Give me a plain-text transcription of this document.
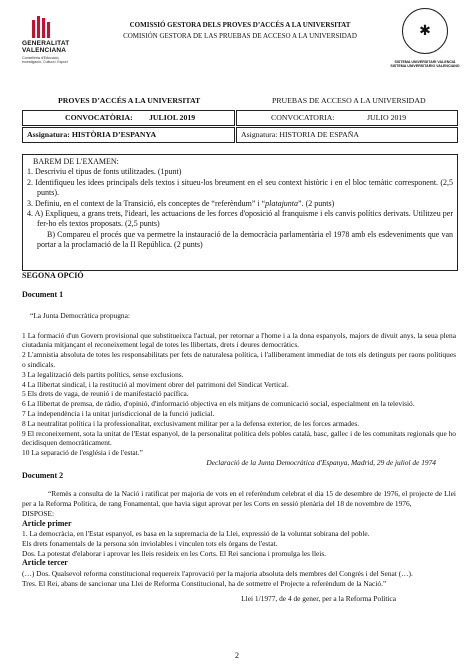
GENERALITAT
VALENCIANA
Conselleria d'Educació,
Investigació, Cultura i Esport
COMISSIÓ GESTORA DELS PROVES D’ACCÉS A LA UNIVERSITAT
COMISIÓN GESTORA DE LAS PRUEBAS DE ACCESO A LA UNIVERSIDAD	✱
SISTEMA UNIVERSITARI VALENCIÀ
SISTEMA UNIVERSITARIO VALENCIANO
PROVES D’ACCÉS A LA UNIVERSITAT	PRUEBAS DE ACCESO A LA UNIVERSIDAD
CONVOCATÒRIA: JULIOL 2019	CONVOCATORIA:	JULIO 2019
Assignatura: HISTÒRIA D’ESPANYA	Asignatura: HISTORIA DE ESPAÑA

BAREM DE L'EXAMEN:

1. Descriviu el tipus de fonts utilitzades. (1punt)

2. Identifiqueu les idees principals dels textos i situeu-los breument en el seu context històric i en el bloc temàtic corresponent. (2,5 punts).

3. Definiu, en el context de la Transició, els conceptes de “referèndum” i “platajunta”. (2 punts)

4. A) Expliqueu, a grans trets, l'ideari, les actuacions de les forces d'oposició al franquisme i els canvis polítics derivats. Utilitzeu per fer-ho els textos proposats. (2,5 punts)

B) Compareu el procés que va permetre la instauració de la democràcia parlamentària el 1978 amb els esdeveniments que van portar a la proclamació de la II República. (2 punts)

SEGONA OPCIÓ
Document 1
“La Junta Democràtica propugna:
1 La formació d'un Govern provisional que substitueixca l'actual, per retornar a l'home i a la dona espanyols, majors de divuit anys, la seua plena ciutadania mitjançant el reconeixement legal de totes les llibertats, drets i deures democràtics.
2 L'amnistia absoluta de totes les responsabilitats per fets de naturalesa política, i l'alliberament immediat de tots els detinguts per raons polítiques o sindicals.
3 La legalització dels partits polítics, sense exclusions.
4 La llibertat sindical, i la restitució al moviment obrer del patrimoni del Sindicat Vertical.
5 Els drets de vaga, de reunió i de manifestació pacífica.
6 La llibertat de premsa, de ràdio, d'opinió, d'informació objectiva en els mitjans de comunicació social, especialment en la televisió.
7 La independència i la unitat jurisdiccional de la funció judicial.
8 La neutralitat política i la professionalitat, exclusivament militar per a la defensa exterior, de les forces armades.
9 El reconeixement, sota la unitat de l'Estat espanyol, de la personalitat política dels pobles català, basc, gallec i de les comunitats regionals que ho decidisquen democràticament.
10 La separació de l'església i de l'estat.”
Declaració de la Junta Democràtica d'Espanya, Madrid, 29 de juliol de 1974
Document 2
“Remès a consulta de la Nació i ratificat per majoria de vots en el referèndum celebrat el dia 15 de desembre de 1976, el projecte de Llei per a la Reforma Política, de rang Fonamental, que havia sigut aprovat per les Corts en sessió plenària del 18 de novembre de 1976,
DISPOSE:
Article primer
1. La democràcia, en l'Estat espanyol, es basa en la supremacia de la Llei, expressió de la voluntat sobirana del poble.
Els drets fonamentals de la persona són inviolables i vinculen tots els òrgans de l'estat.
Dos. La potestat d'elaborar i aprovar les lleis resideix en les Corts. El Rei sanciona i promulga les lleis.
Article tercer
(…) Dos. Qualsevol reforma constitucional requereix l'aprovació per la majoria absoluta dels membres del Congrés i del Senat (…).
Tres. El Rei, abans de sancionar una Llei de Reforma Constitucional, ha de sotmetre el Projecte a referèndum de la Nació.”
Llei 1/1977, de 4 de gener, per a la Reforma Política
2
